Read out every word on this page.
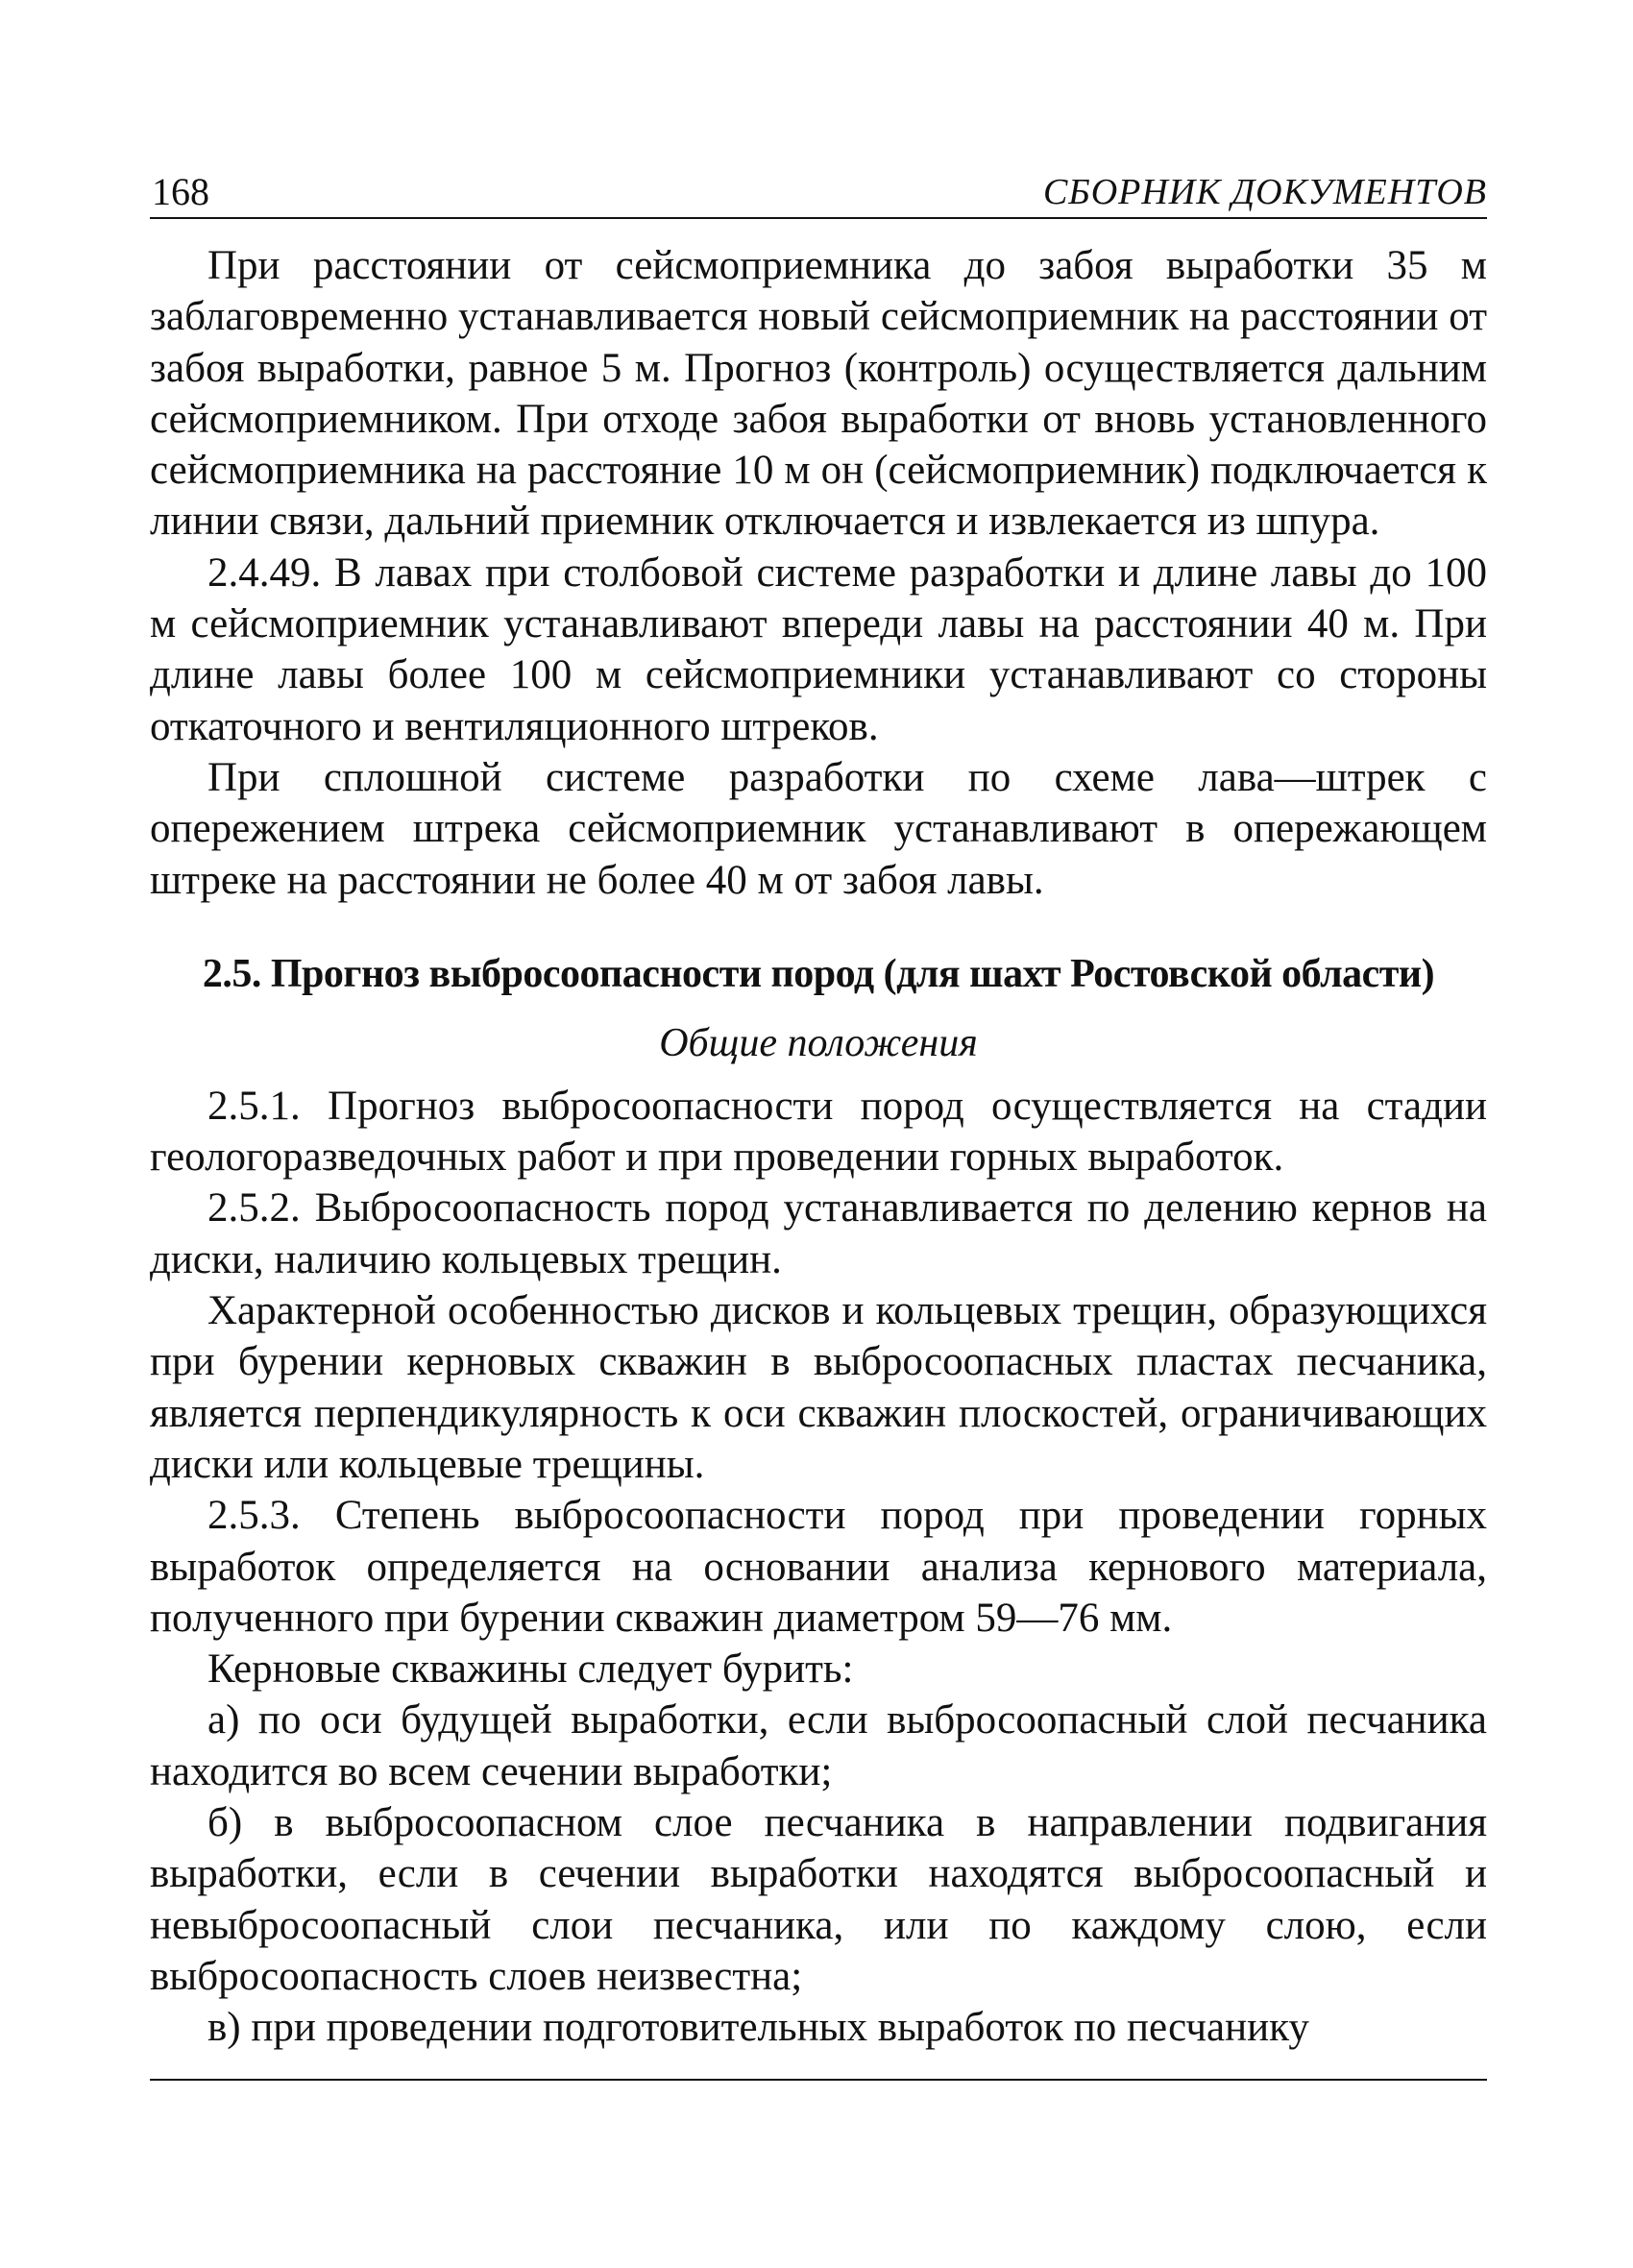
168	СБОРНИК ДОКУМЕНТОВ

При расстоянии от сейсмоприемника до забоя выработки 35 м заблаговременно устанавливается новый сейсмоприемник на расстоянии от забоя выработки, равное 5 м. Прогноз (контроль) осуществляется дальним сейсмоприемником. При отходе забоя выработки от вновь установленного сейсмоприемника на расстояние 10 м он (сейсмоприемник) подключается к линии связи, дальний приемник отключается и извлекается из шпура.

2.4.49. В лавах при столбовой системе разработки и длине лавы до 100 м сейсмоприемник устанавливают впереди лавы на расстоянии 40 м. При длине лавы более 100 м сейсмоприемники устанавливают со стороны откаточного и вентиляционного штреков.

При сплошной системе разработки по схеме лава—штрек с опережением штрека сейсмоприемник устанавливают в опережающем штреке на расстоянии не более 40 м от забоя лавы.

2.5. Прогноз выбросоопасности пород (для шахт Ростовской области)

Общие положения

2.5.1. Прогноз выбросоопасности пород осуществляется на стадии геологоразведочных работ и при проведении горных выработок.

2.5.2. Выбросоопасность пород устанавливается по делению кернов на диски, наличию кольцевых трещин.

Характерной особенностью дисков и кольцевых трещин, образующихся при бурении керновых скважин в выбросоопасных пластах песчаника, является перпендикулярность к оси скважин плоскостей, ограничивающих диски или кольцевые трещины.

2.5.3. Степень выбросоопасности пород при проведении горных выработок определяется на основании анализа кернового материала, полученного при бурении скважин диаметром 59—76 мм.

Керновые скважины следует бурить:

а) по оси будущей выработки, если выбросоопасный слой песчаника находится во всем сечении выработки;

б) в выбросоопасном слое песчаника в направлении подвигания выработки, если в сечении выработки находятся выбросоопасный и невыбросоопасный слои песчаника, или по каждому слою, если выбросоопасность слоев неизвестна;

в) при проведении подготовительных выработок по песчанику
